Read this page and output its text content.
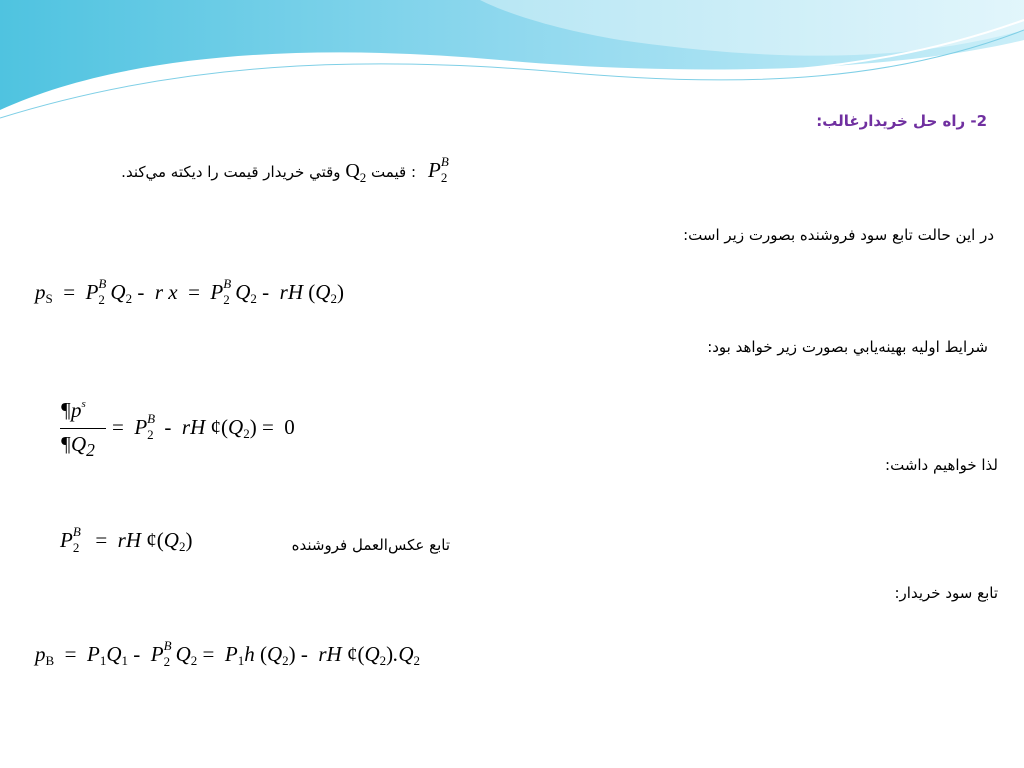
2- راه حل خريدارغالب:
P B
2
: قيمت $Q_2$ وقتي خريدار قيمت را ديكته مي‌كند.
در اين حالت تابع سود فروشنده بصورت زير است:
$p_S = P$ B
2 $Q_2$ -  r x  =  P B
2 $Q_2$ -  rH $(Q_2)$
شرايط اوليه بهينه‌يابي بصورت زير خواهد بود:
$\P p^s$
$\P Q_2$
=  P B
2 -  rH $¢(Q_2) = 0$
لذا خواهيم داشت:
P B
2 =  rH $¢(Q_2)$	تابع عكس‌العمل فروشنده
تابع سود خريدار:
$p_B = P_1Q_1 - P$ B
2 $Q_2 = P_1h$ $(Q_2)$ -  rH $¢(Q_2).Q_2$
